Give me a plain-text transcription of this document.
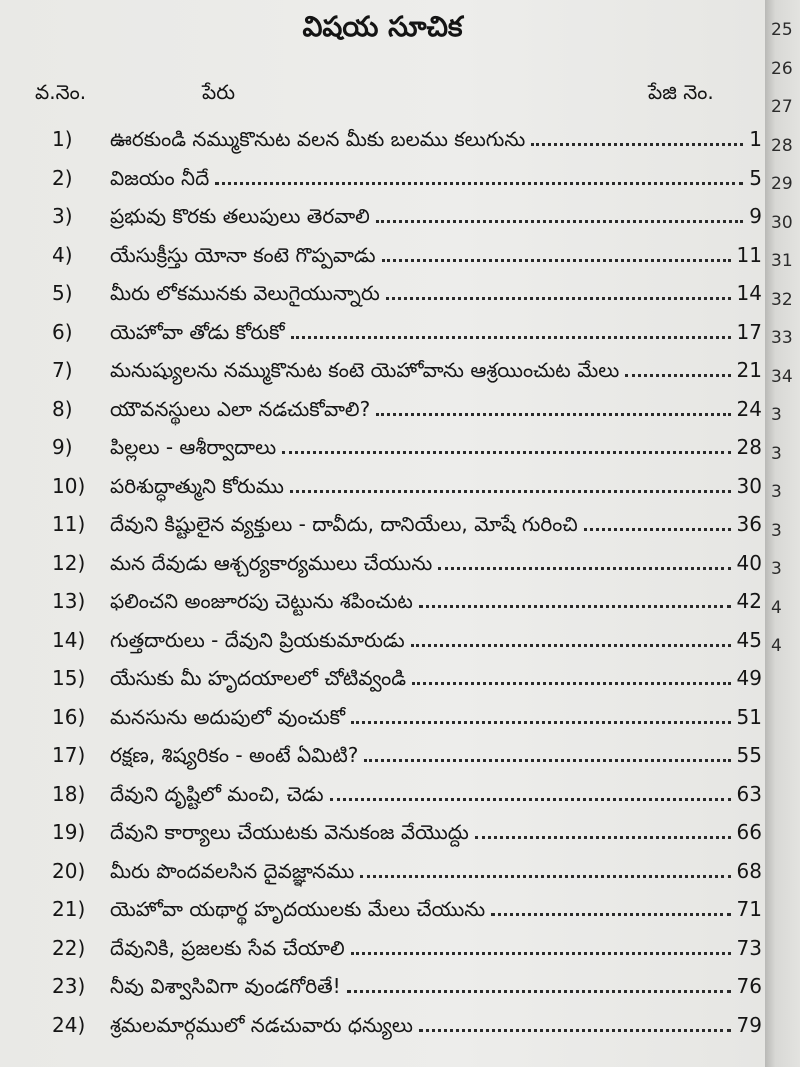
విషయ సూచిక
వ.నెం.	పేరు	పేజి నెం.
1) ఊరకుండి నమ్ముకొనుట వలన మీకు బలము కలుగును	1
2) విజయం నీదే	5
3) ప్రభువు కొరకు తలుపులు తెరవాలి	9
4) యేసుక్రీస్తు యోనా కంటె గొప్పవాడు	11
5) మీరు లోకమునకు వెలుగైయున్నారు	14
6) యెహోవా తోడు కోరుకో	17
7) మనుష్యులను నమ్ముకొనుట కంటె యెహోవాను ఆశ్రయించుట మేలు	21
8) యౌవనస్థులు ఎలా నడచుకోవాలి?	24
9) పిల్లలు - ఆశీర్వాదాలు	28
10) పరిశుద్ధాత్ముని కోరుము	30
11) దేవుని కిష్టులైన వ్యక్తులు - దావీదు, దానియేలు, మోషే గురించి	36
12) మన దేవుడు ఆశ్చర్యకార్యములు చేయును	40
13) ఫలించని అంజూరపు చెట్టును శపించుట	42
14) గుత్తదారులు - దేవుని ప్రియకుమారుడు	45
15) యేసుకు మీ హృదయాలలో చోటివ్వండి	49
16) మనసును అదుపులో వుంచుకో	51
17) రక్షణ, శిష్యరికం - అంటే ఏమిటి?	55
18) దేవుని దృష్టిలో మంచి, చెడు	63
19) దేవుని కార్యాలు చేయుటకు వెనుకంజ వేయొద్దు	66
20) మీరు పొందవలసిన దైవజ్ఞానము	68
21) యెహోవా యథార్థ హృదయులకు మేలు చేయును	71
22) దేవునికి, ప్రజలకు సేవ చేయాలి	73
23) నీవు విశ్వాసివిగా వుండగోరితే!	76
24) శ్రమలమార్గములో నడచువారు ధన్యులు	79
25
26
27
28
29
30
31
32
33
34
3
3
3
3
3
4
4
